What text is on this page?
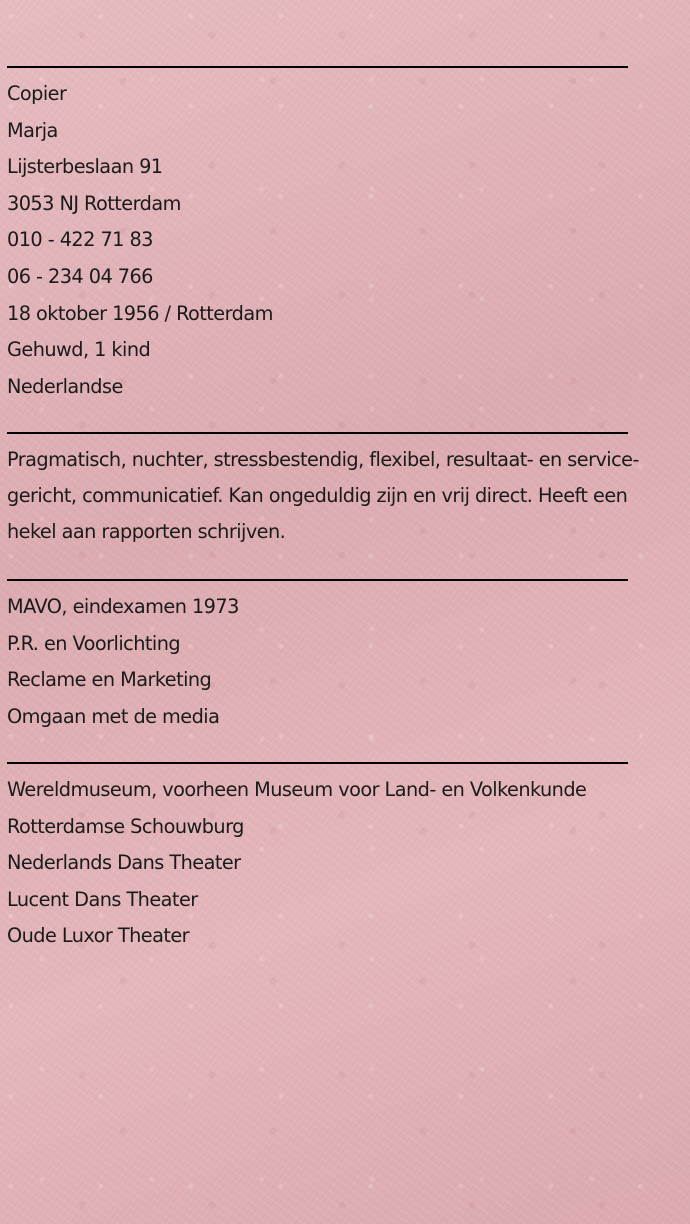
Copier
Marja
Lijsterbeslaan 91
3053 NJ Rotterdam
010 - 422 71 83
06 - 234 04 766
18 oktober 1956 / Rotterdam
Gehuwd, 1 kind
Nederlandse
Pragmatisch, nuchter, stressbestendig, flexibel, resultaat- en service-
gericht, communicatief. Kan ongeduldig zijn en vrij direct. Heeft een
hekel aan rapporten schrijven.
MAVO, eindexamen 1973
P.R. en Voorlichting
Reclame en Marketing
Omgaan met de media
Wereldmuseum, voorheen Museum voor Land- en Volkenkunde
Rotterdamse Schouwburg
Nederlands Dans Theater
Lucent Dans Theater
Oude Luxor Theater
